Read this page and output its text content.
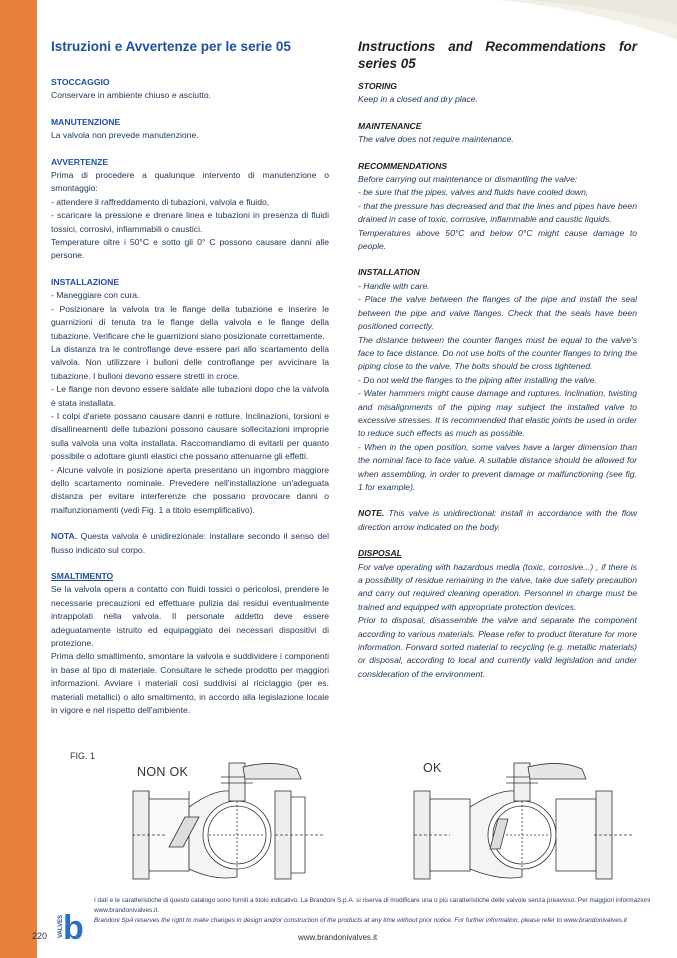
Istruzioni e Avvertenze per le serie 05

STOCCAGGIO

Conservare in ambiente chiuso e asciutto.

MANUTENZIONE

La valvola non prevede manutenzione.

AVVERTENZE

Prima di procedere a qualunque intervento di manutenzione o smontaggio:

- attendere il raffreddamento di tubazioni, valvola e fluido,

- scaricare la pressione e drenare linea e tubazioni in presenza di fluidi tossici, corrosivi, infiammabili o caustici.

Temperature oltre i 50°C e sotto gli 0° C possono causare danni alle persone.

INSTALLAZIONE

- Maneggiare con cura.

- Posizionare la valvola tra le flange della tubazione e inserire le guarnizioni di tenuta tra le flange della valvola e le flange della tubazione. Verificare che le guarnizioni siano posizionate correttamente.

La distanza tra le controflange deve essere pari allo scartamento della valvola. Non utilizzare i bulloni delle controflange per avvicinare la tubazione. I bulloni devono essere stretti in croce.

- Le flange non devono essere saldate alle tubazioni dopo che la valvola è stata installata.

- I colpi d'ariete possano causare danni e rotture. Inclinazioni, torsioni e disallineamenti delle tubazioni possono causare sollecitazioni improprie sulla valvola una volta installata. Raccomandiamo di evitarli per quanto possibile o adottare giunti elastici che possano attenuarne gli effetti.

- Alcune valvole in posizione aperta presentano un ingombro maggiore dello scartamento nominale. Prevedere nell'installazione un'adeguata distanza per evitare interferenze che possano provocare danni o malfunzionamenti (vedi Fig. 1 a titolo esemplificativo).

NOTA. Questa valvola è unidirezionale: installare secondo il senso del flusso indicato sul corpo.

SMALTIMENTO

Se la valvola opera a contatto con fluidi tossici o pericolosi, prendere le necessarie precauzioni ed effettuare pulizia dai residui eventualmente intrappolati nella valvola. Il personale addetto deve essere adeguatamente istruito ed equipaggiato dei necessari dispositivi di protezione.

Prima dello smaltimento, smontare la valvola e suddividere i componenti in base al tipo di materiale. Consultare le schede prodotto per maggiori informazioni. Avviare i materiali così suddivisi al riciclaggio (per es. materiali metallici) o allo smaltimento, in accordo alla legislazione locale in vigore e nel rispetto dell'ambiente.

Instructions and Recommendations for series 05

STORING

Keep in a closed and dry place.

MAINTENANCE

The valve does not require maintenance.

RECOMMENDATIONS

Before carrying out maintenance or dismantling the valve:

- be sure that the pipes, valves and fluids have cooled down,

- that the pressure has decreased and that the lines and pipes have been drained in case of toxic, corrosive, inflammable and caustic liquids.

Temperatures above 50°C and below 0°C might cause damage to people.

INSTALLATION

- Handle with care.

- Place the valve between the flanges of the pipe and install the seal between the pipe and valve flanges. Check that the seals have been positioned correctly.

The distance between the counter flanges must be equal to the valve's face to face distance. Do not use bolts of the counter flanges to bring the piping close to the valve. The bolts should be cross tightened.

- Do not weld the flanges to the piping after installing the valve.

- Water hammers might cause damage and ruptures. Inclination, twisting and misalignments of the piping may subject the installed valve to excessive stresses. It is recommended that elastic joints be used in order to reduce such effects as much as possible.

- When in the open position, some valves have a larger dimension than the nominal face to face value. A suitable distance should be allowed for when assembling, in order to prevent damage or malfunctioning (see fig. 1 for example).

NOTE. This valve is unidirectional: install in accordance with the flow direction arrow indicated on the body.

DISPOSAL

For valve operating with hazardous media (toxic, corrosive...) , if there is a possibility of residue remaining in the valve, take due safety precaution and carry out required cleaning operation. Personnel in charge must be trained and equipped with appropriate protection devices.

Prior to disposal, disassemble the valve and separate the component according to various materials. Please refer to product literature for more information. Forward sorted material to recycling (e.g. metallic materials) or disposal, according to local and currently valid legislation and under consideration of the environment.

FIG. 1
NON OK	OK
VALVES b
I dati e le caratteristiche di questo catalogo sono forniti a titolo indicativo. La Brandoni S.p.A. si riserva di modificare una o più caratteristiche delle valvole senza preavviso. Per maggiori informazioni www.brandonivalves.it.
Brandoni SpA reserves the right to make changes in design and/or construction of the products at any time without prior notice. For further information, please refer to www.brandonivalves.it
220	www.brandonivalves.it
